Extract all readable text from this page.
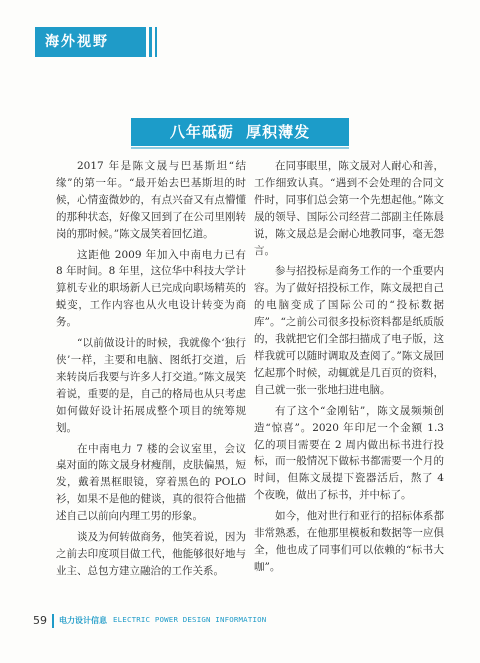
海外视野
八年砥砺 厚积薄发

2017 年是陈文晟与巴基斯坦“结缘”的第一年。“最开始去巴基斯坦的时候，心情蛮微妙的，有点兴奋又有点懵懂的那种状态，好像又回到了在公司里刚转岗的那时候。”陈文晟笑着回忆道。

这距他 2009 年加入中南电力已有 8 年时间。8 年里，这位华中科技大学计算机专业的职场新人已完成向职场精英的蜕变，工作内容也从火电设计转变为商务。

“以前做设计的时候，我就像个‘独行侠’一样，主要和电脑、图纸打交道，后来转岗后我要与许多人打交道。”陈文晟笑着说，重要的是，自己的格局也从只考虑如何做好设计拓展成整个项目的统筹规划。

在中南电力 7 楼的会议室里，会议桌对面的陈文晟身材瘦削，皮肤偏黑，短发，戴着黑框眼镜，穿着黑色的 POLO 衫，如果不是他的健谈，真的很符合他描述自己以前向内理工男的形象。

谈及为何转做商务，他笑着说，因为之前去印度项目做工代，他能够很好地与业主、总包方建立融洽的工作关系。

在同事眼里，陈文晟对人耐心和善，工作细致认真。“遇到不会处理的合同文件时，同事们总会第一个先想起他。”陈文晟的领导、国际公司经营二部副主任陈晨说，陈文晟总是会耐心地教同事，毫无怨言。

参与招投标是商务工作的一个重要内容。为了做好招投标工作，陈文晟把自己的电脑变成了国际公司的“投标数据库”。“之前公司很多投标资料都是纸质版的，我就把它们全部扫描成了电子版，这样我就可以随时调取及查阅了。”陈文晟回忆起那个时候，动辄就是几百页的资料，自己就一张一张地扫进电脑。

有了这个“金刚钻”，陈文晟频频创造“惊喜”。2020 年印尼一个金额 1.3 亿的项目需要在 2 周内做出标书进行投标，而一般情况下做标书都需要一个月的时间，但陈文晟提下瓷器活后，熬了 4 个夜晚，做出了标书，并中标了。

如今，他对世行和亚行的招标体系都非常熟悉，在他那里模板和数据等一应俱全，他也成了同事们可以依赖的“标书大咖”。

59 电力设计信息 ELECTRIC POWER DESIGN INFORMATION
